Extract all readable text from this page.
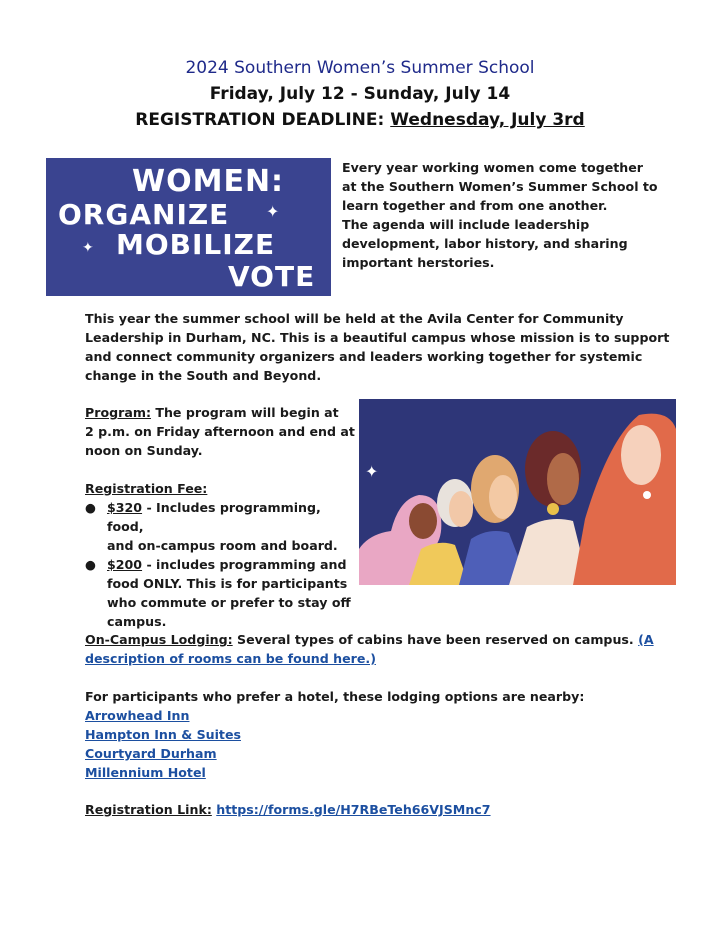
2024 Southern Women’s Summer School
Friday, July 12 - Sunday, July 14
REGISTRATION DEADLINE: Wednesday, July 3rd
WOMEN:
ORGANIZE
MOBILIZE
VOTE
✦
✦
Every year working women come together
at the Southern Women’s Summer School to
learn together and from one another.
The agenda will include leadership
development, labor history, and sharing
important herstories.
This year the summer school will be held at the Avila Center for Community
Leadership in Durham, NC. This is a beautiful campus whose mission is to support
and connect community organizers and leaders working together for systemic
change in the South and Beyond.
Program: The program will begin at
2 p.m. on Friday afternoon and end at
noon on Sunday.
Registration Fee:
● $320 - Includes programming, food,
and on-campus room and board.
● $200 - includes programming and
food ONLY. This is for participants
who commute or prefer to stay off
campus.
✦
On-Campus Lodging: Several types of cabins have been reserved on campus. (A
description of rooms can be found here.)
For participants who prefer a hotel, these lodging options are nearby:
Arrowhead Inn
Hampton Inn & Suites
Courtyard Durham
Millennium Hotel
Registration Link: https://forms.gle/H7RBeTeh66VJSMnc7
